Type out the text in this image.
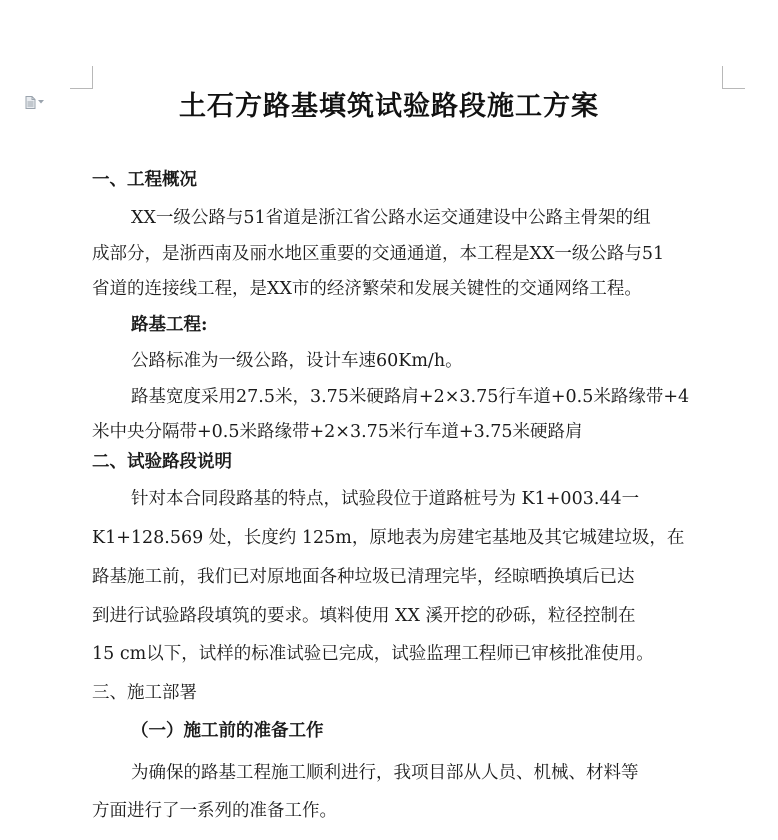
土石方路基填筑试验路段施工方案
一、工程概况
XX一级公路与51省道是浙江省公路水运交通建设中公路主骨架的组
成部分，是浙西南及丽水地区重要的交通通道，本工程是XX一级公路与51
省道的连接线工程，是XX市的经济繁荣和发展关键性的交通网络工程。
路基工程:
公路标准为一级公路，设计车速60Km/h。
路基宽度采用27.5米，3.75米硬路肩+2×3.75行车道+0.5米路缘带+4
米中央分隔带+0.5米路缘带+2×3.75米行车道+3.75米硬路肩
二、试验路段说明
针对本合同段路基的特点，试验段位于道路桩号为 K1+003.44一
K1+128.569 处，长度约 125m，原地表为房建宅基地及其它城建垃圾，在
路基施工前，我们已对原地面各种垃圾已清理完毕，经晾晒换填后已达
到进行试验路段填筑的要求。填料使用 XX 溪开挖的砂砾，粒径控制在
15 cm以下，试样的标准试验已完成，试验监理工程师已审核批准使用。
三、施工部署
（一）施工前的准备工作
为确保的路基工程施工顺利进行，我项目部从人员、机械、材料等
方面进行了一系列的准备工作。
